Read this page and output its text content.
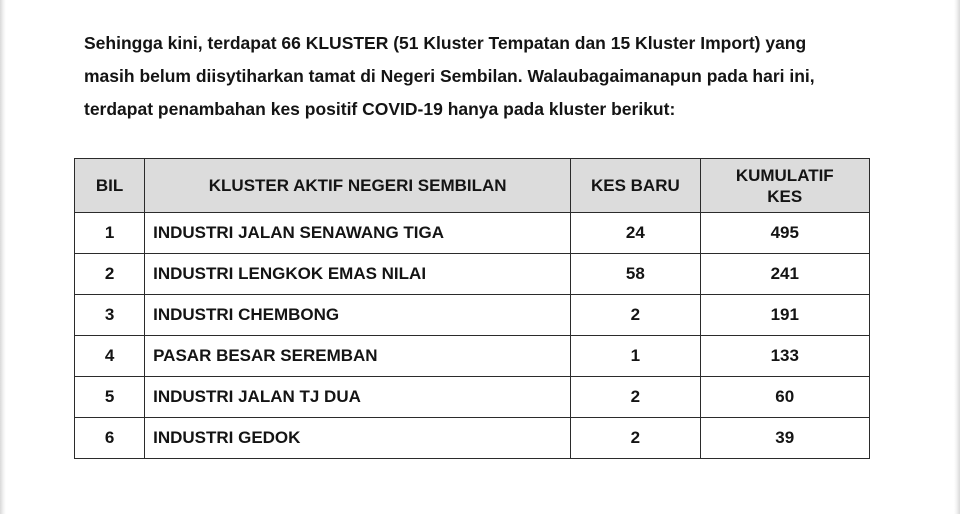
Sehingga kini, terdapat 66 KLUSTER (51 Kluster Tempatan dan 15 Kluster Import) yang
masih belum diisytiharkan tamat di Negeri Sembilan. Walaubagaimanapun pada hari ini,
terdapat penambahan kes positif COVID-19 hanya pada kluster berikut:

BIL	KLUSTER AKTIF NEGERI SEMBILAN	KES BARU	KUMULATIF
KES
1	INDUSTRI JALAN SENAWANG TIGA	24	495
2	INDUSTRI LENGKOK EMAS NILAI	58	241
3	INDUSTRI CHEMBONG	2	191
4	PASAR BESAR SEREMBAN	1	133
5	INDUSTRI JALAN TJ DUA	2	60
6	INDUSTRI GEDOK	2	39
